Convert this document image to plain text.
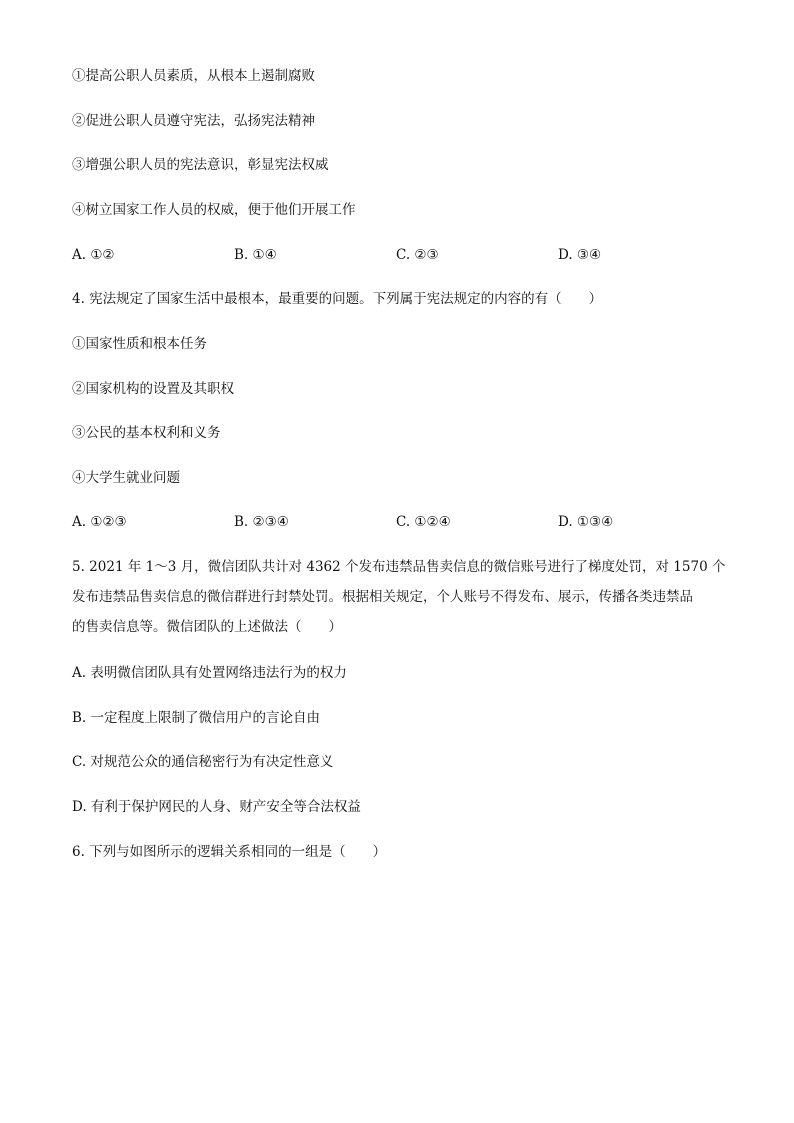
①提高公职人员素质，从根本上遏制腐败
②促进公职人员遵守宪法，弘扬宪法精神
③增强公职人员的宪法意识，彰显宪法权威
④树立国家工作人员的权威，便于他们开展工作
A. ①②	B. ①④	C. ②③	D. ③④
4. 宪法规定了国家生活中最根本，最重要的问题。下列属于宪法规定的内容的有（　　）
①国家性质和根本任务
②国家机构的设置及其职权
③公民的基本权利和义务
④大学生就业问题
A. ①②③	B. ②③④	C. ①②④	D. ①③④
5. 2021 年 1～3 月，微信团队共计对 4362 个发布违禁品售卖信息的微信账号进行了梯度处罚，对 1570 个
发布违禁品售卖信息的微信群进行封禁处罚。根据相关规定，个人账号不得发布、展示，传播各类违禁品
的售卖信息等。微信团队的上述做法（　　）
A. 表明微信团队具有处置网络违法行为的权力
B. 一定程度上限制了微信用户的言论自由
C. 对规范公众的通信秘密行为有决定性意义
D. 有利于保护网民的人身、财产安全等合法权益
6. 下列与如图所示的逻辑关系相同的一组是（　　）
